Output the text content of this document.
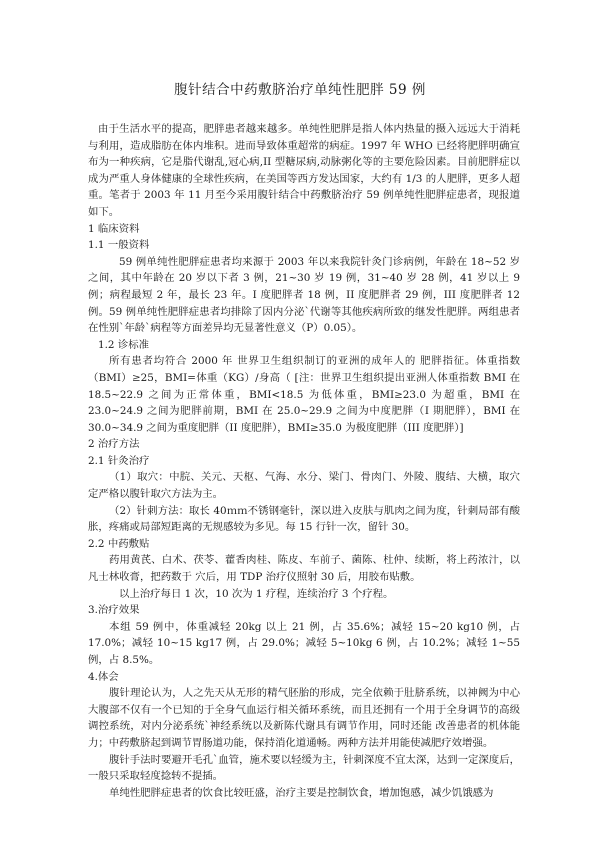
腹针结合中药敷脐治疗单纯性肥胖 59 例

由于生活水平的提高，肥胖患者越来越多。单纯性肥胖是指人体内热量的摄入远远大于消耗与利用，造成脂肪在体内堆积。进而导致体重超常的病症。1997 年 WHO 已经将肥胖明确宣布为一种疾病，它是脂代谢乱,冠心病,II 型糖尿病,动脉粥化等的主要危险因素。目前肥胖症以成为严重人身体健康的全球性疾病，在美国等西方发达国家，大约有 1/3 的人肥胖，更多人超重。笔者于 2003 年 11 月至今采用腹针结合中药敷脐治疗 59 例单纯性肥胖症患者，现报道如下。

1 临床资料

1.1 一般资料

59 例单纯性肥胖症患者均来源于 2003 年以来我院针灸门诊病例，年龄在 18~52 岁之间，其中年龄在 20 岁以下者 3 例，21~30 岁 19 例，31~40 岁 28 例，41 岁以上 9 例；病程最短 2 年，最长 23 年。I 度肥胖者 18 例，II 度肥胖者 29 例，III 度肥胖者 12 例。59 例单纯性肥胖症患者均排除了因内分泌`代谢等其他疾病所致的继发性肥胖。两组患者在性别`年龄`病程等方面差异均无显著性意义（P）0.05）。

1.2 诊标准

所有患者均符合 2000 年 世界卫生组织制订的亚洲的成年人的 肥胖指征。体重指数（BMI）≥25，BMI=体重（KG）/身高（ [注：世界卫生组织提出亚洲人体重指数 BMI 在 18.5~22.9 之间为正常体重，BMI<18.5 为低体重，BMI≥23.0 为超重，BMI 在 23.0~24.9 之间为肥胖前期，BMI 在 25.0~29.9 之间为中度肥胖（I 期肥胖），BMI 在 30.0~34.9 之间为重度肥胖（II 度肥胖），BMI≥35.0 为极度肥胖（III 度肥胖）]

2 治疗方法

2.1 针灸治疗

（1）取穴：中脘、关元、天枢、气海、水分、梁门、骨肉门、外陵、腹结、大横，取穴定严格以腹针取穴方法为主。

（2）针刺方法：取长 40ｍｍ不锈钢毫针，深以进入皮肤与肌肉之间为度，针刺局部有酸胀，疼痛或局部短距离的无规感较为多见。每 15 行针一次，留针 30。

2.2 中药敷贴

药用黄芪、白术、茯苓、藿香肉桂、陈皮、车前子、菌陈、杜仲、续断，将上药浓汁，以凡士林收膏，把药数于 穴后，用 TDP 治疗仪照射 30 后，用胶布贴敷。

以上治疗每日 1 次，10 次为 1 疗程，连续治疗 3 个疗程。

3.治疗效果

本组 59 例中，体重减轻 20kg 以上 21 例，占 35.6%；减轻 15~20 kg10 例，占 17.0%；减轻 10~15 kg17 例，占 29.0%；减轻 5~10kg 6 例，占 10.2%；减轻 1~55 例，占 8.5%。

4.体会

腹针理论认为，人之先天从无形的精气胚胎的形成，完全依赖于肚脐系统，以神阙为中心大腹部不仅有一个已知的于全身气血运行相关循环系统，而且还拥有一个用于全身调节的高级调控系统，对内分泌系统`神经系统以及新陈代谢具有调节作用，同时还能 改善患者的机体能力；中药敷脐起到调节胃肠道功能，保持消化道通畅。两种方法并用能使减肥疗效增强。

腹针手法时要避开毛孔`血管，施术要以轻缓为主，针刺深度不宜太深，达到一定深度后，一般只采取轻度捻转不提插。

单纯性肥胖症患者的饮食比较旺盛，治疗主要是控制饮食，增加饱感，减少饥饿感为
